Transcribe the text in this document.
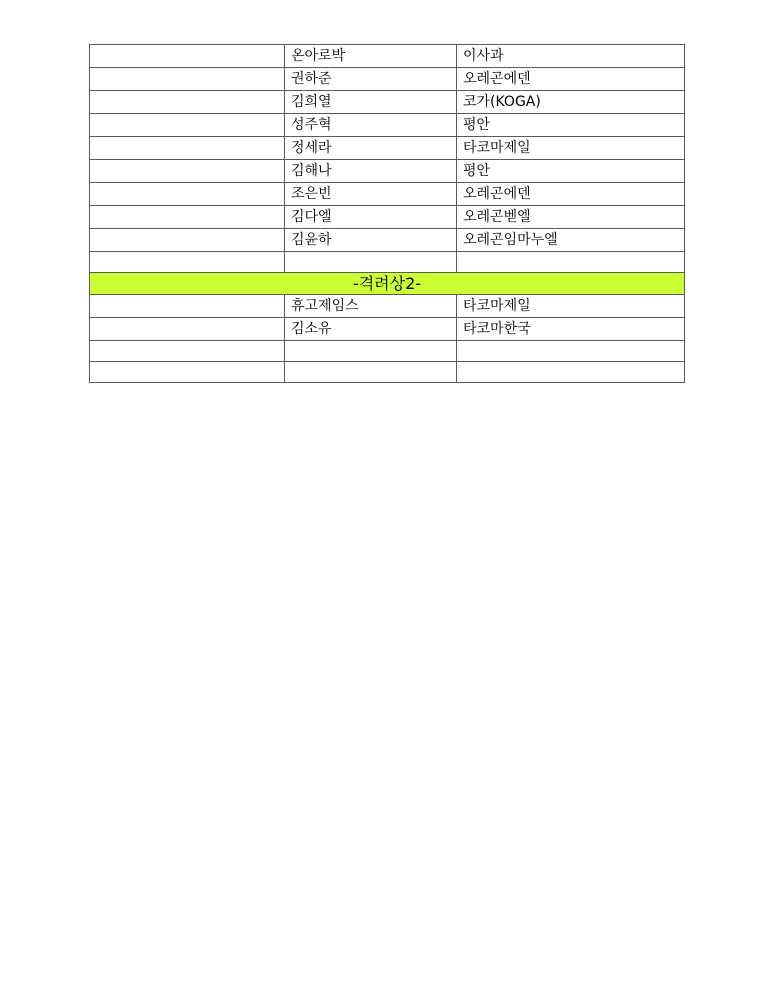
	온아로박	이사과
	권하준	오레곤에덴
	김희열	코가(KOGA)
	성주혁	평안
	정세라	타코마제일
	김해나	평안
	조은빈	오레곤에덴
	김다엘	오레곤벧엘
	김윤하	오레곤임마누엘

-격려상2-		
	휴고제임스	타코마제일
	김소유	타코마한국
